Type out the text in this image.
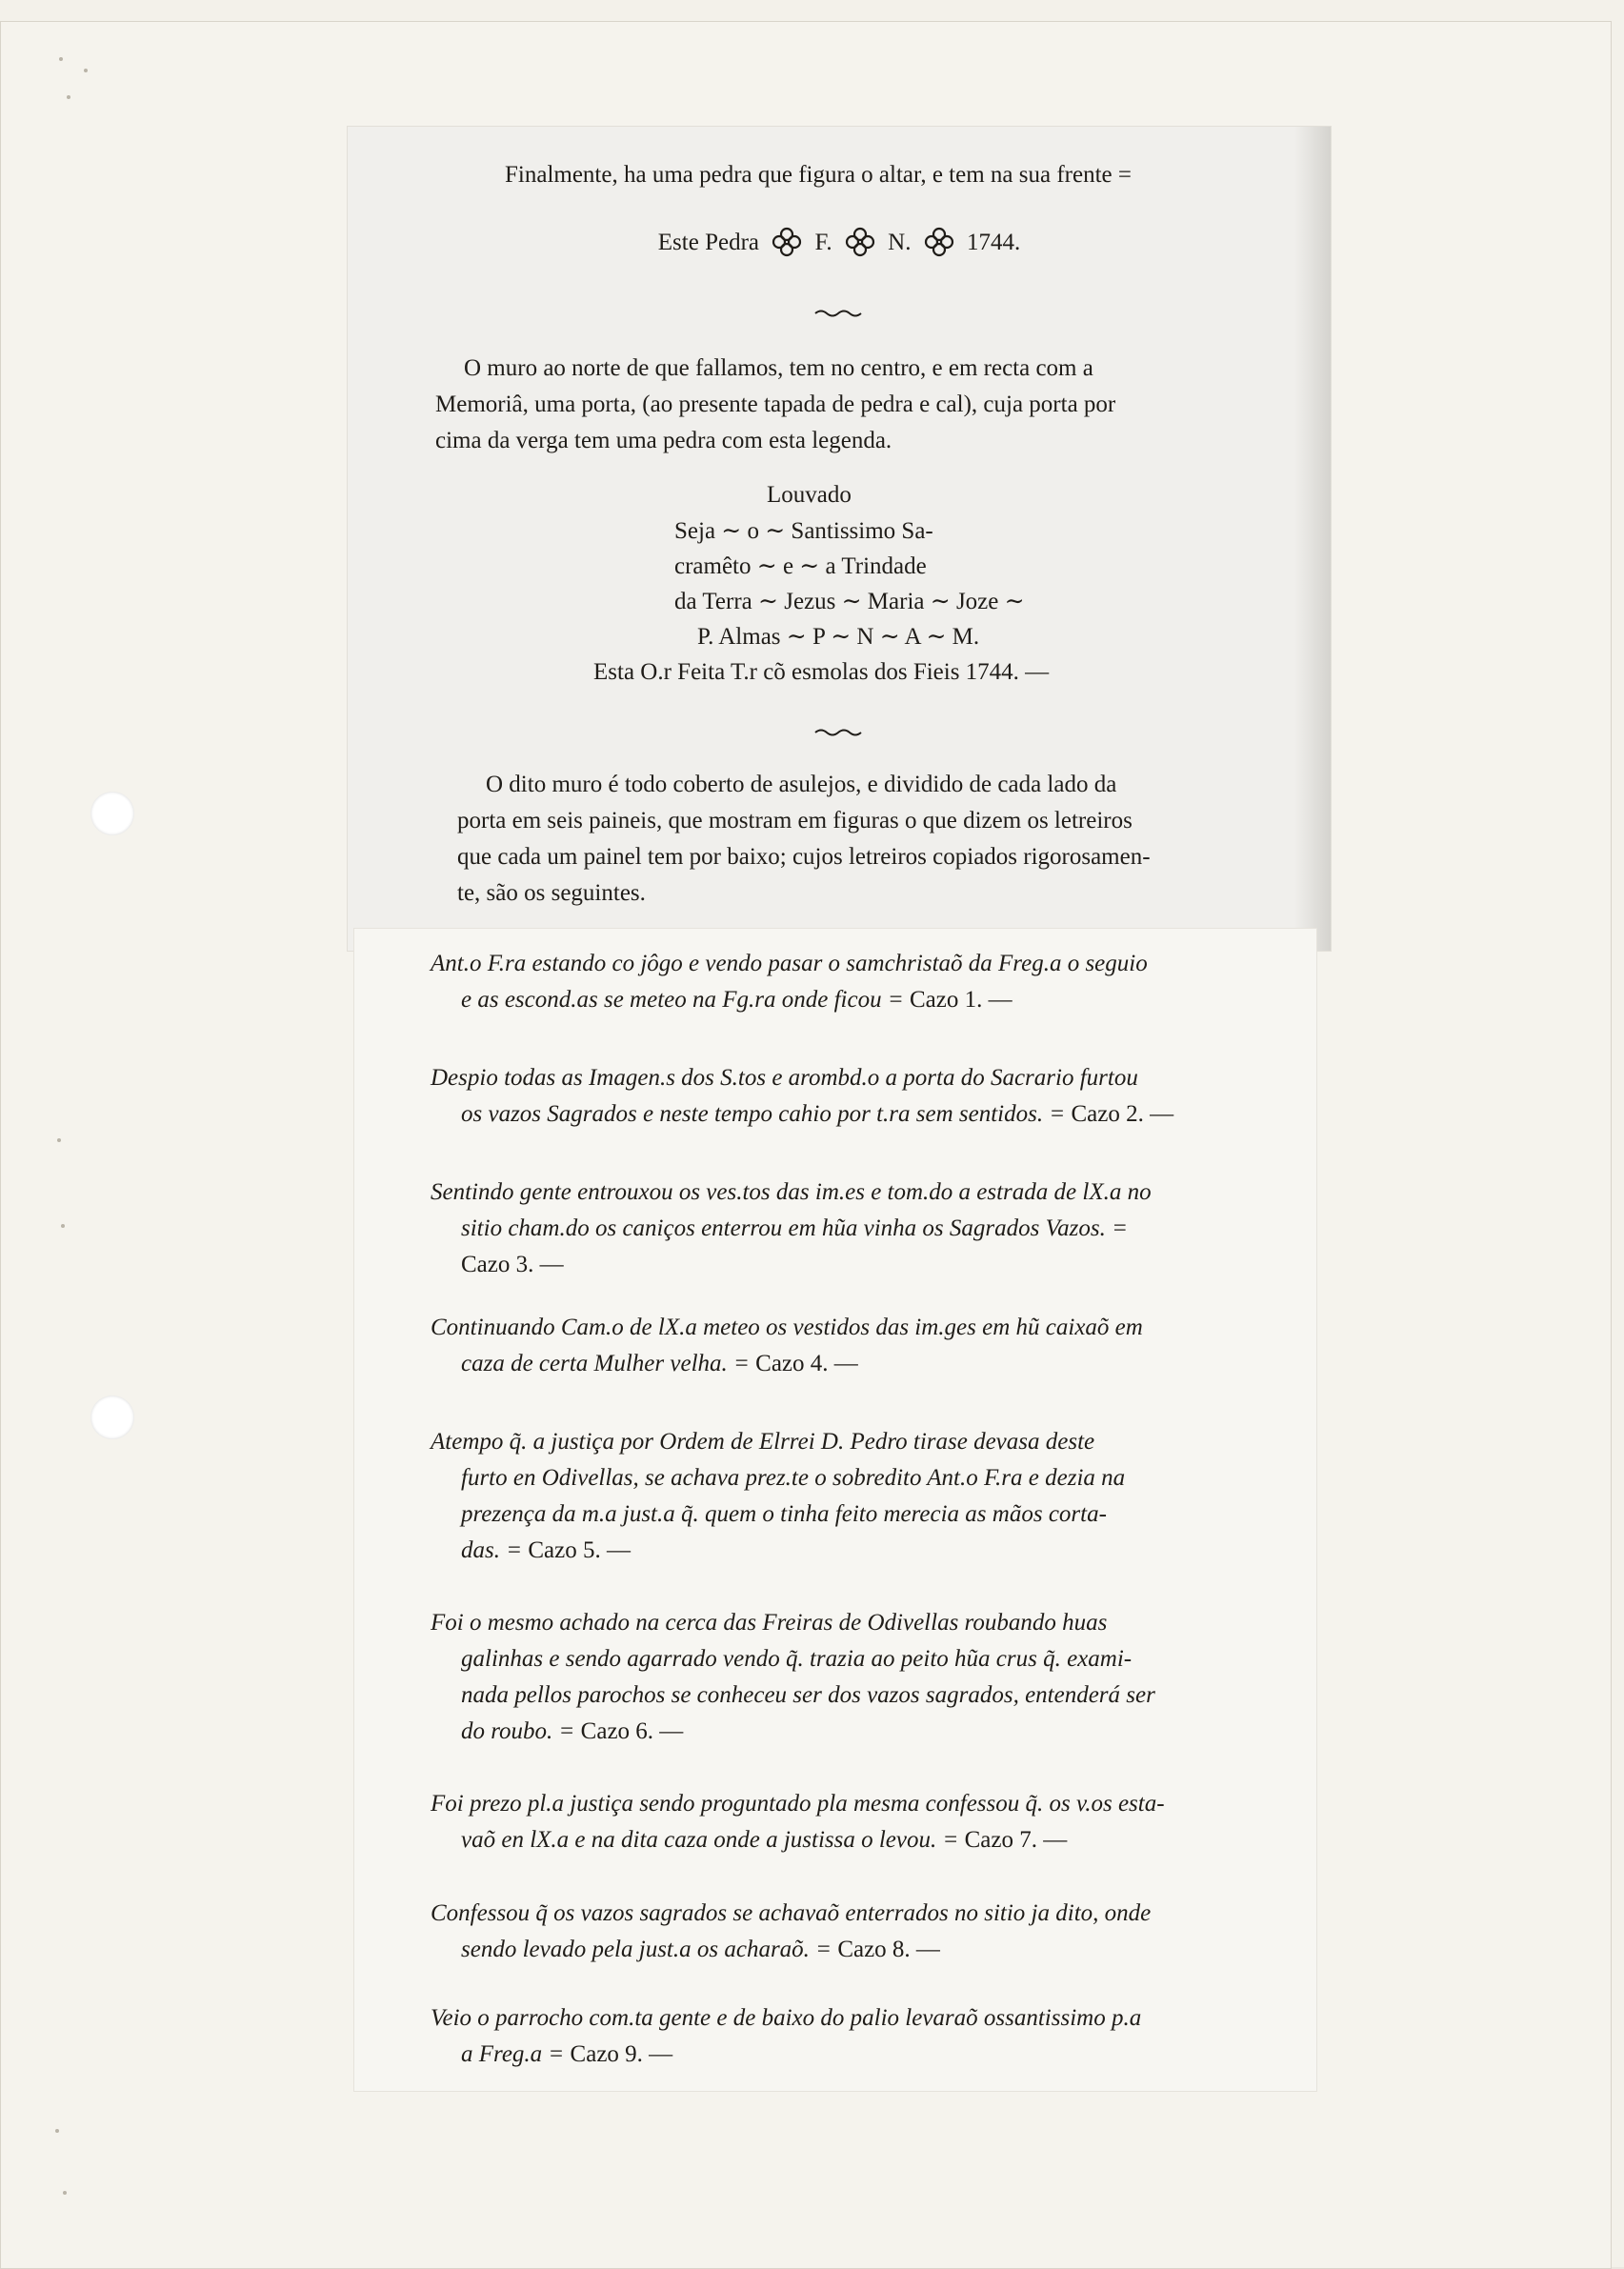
Finalmente, ha uma pedra que figura o altar, e tem na sua frente =
Este Pedra F. N. 1744.
O muro ao norte de que fallamos, tem no centro, e em recta com a
Memoriâ, uma porta, (ao presente tapada de pedra e cal), cuja porta por
cima da verga tem uma pedra com esta legenda.
Louvado
Seja ∼ o ∼ Santissimo Sa-
cramêto ∼ e ∼ a Trindade
da Terra ∼ Jezus ∼ Maria ∼ Joze ∼
P. Almas ∼ P ∼ N ∼ A ∼ M.
Esta O.r Feita T.r cõ esmolas dos Fieis 1744. —
O dito muro é todo coberto de asulejos, e dividido de cada lado da
porta em seis paineis, que mostram em figuras o que dizem os letreiros
que cada um painel tem por baixo; cujos letreiros copiados rigorosamen-
te, são os seguintes.
Ant.o F.ra estando co jôgo e vendo pasar o samchristaõ da Freg.a o seguio
e as escond.as se meteo na Fg.ra onde ficou = Cazo 1. —
Despio todas as Imagen.s dos S.tos e arombd.o a porta do Sacrario furtou
os vazos Sagrados e neste tempo cahio por t.ra sem sentidos. = Cazo 2. —
Sentindo gente entrouxou os ves.tos das im.es e tom.do a estrada de lX.a no
sitio cham.do os caniços enterrou em hũa vinha os Sagrados Vazos. =
Cazo 3. —
Continuando Cam.o de lX.a meteo os vestidos das im.ges em hũ caixaõ em
caza de certa Mulher velha. = Cazo 4. —
Atempo q̃. a justiça por Ordem de Elrrei D. Pedro tirase devasa deste
furto en Odivellas, se achava prez.te o sobredito Ant.o F.ra e dezia na
prezença da m.a just.a q̃. quem o tinha feito merecia as mãos corta-
das. = Cazo 5. —
Foi o mesmo achado na cerca das Freiras de Odivellas roubando huas
galinhas e sendo agarrado vendo q̃. trazia ao peito hũa crus q̃. exami-
nada pellos parochos se conheceu ser dos vazos sagrados, entenderá ser
do roubo. = Cazo 6. —
Foi prezo pl.a justiça sendo proguntado pla mesma confessou q̃. os v.os esta-
vaõ en lX.a e na dita caza onde a justissa o levou. = Cazo 7. —
Confessou q̃ os vazos sagrados se achavaõ enterrados no sitio ja dito, onde
sendo levado pela just.a os acharaõ. = Cazo 8. —
Veio o parrocho com.ta gente e de baixo do palio levaraõ ossantissimo p.a
a Freg.a = Cazo 9. —
